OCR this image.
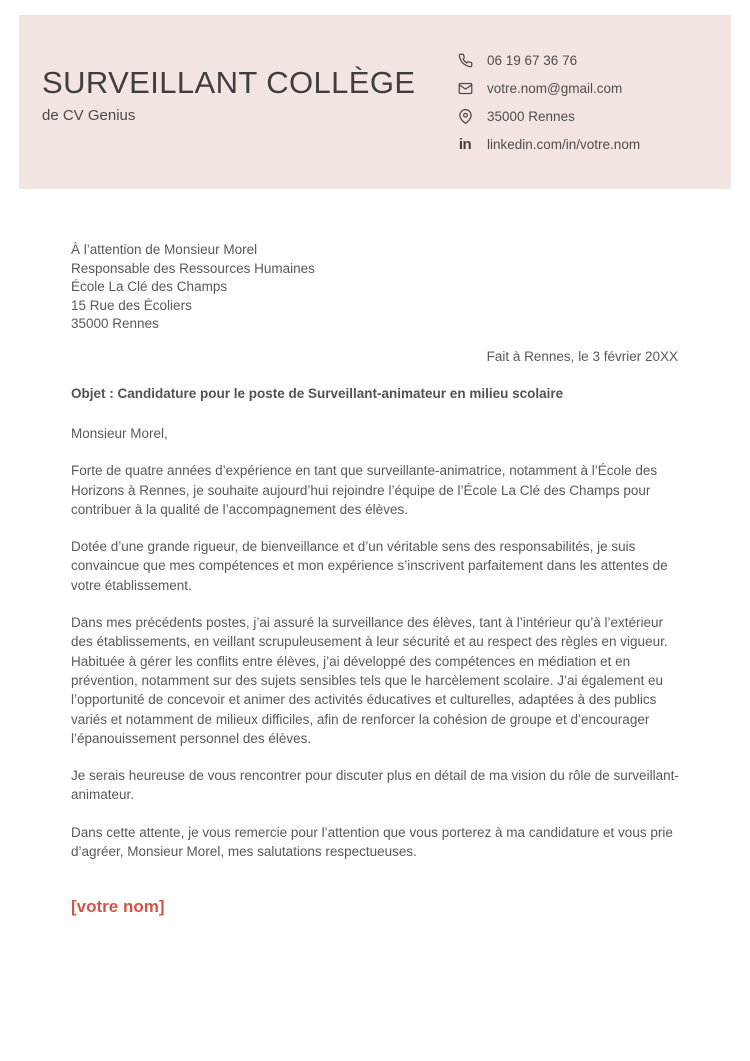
SURVEILLANT COLLÈGE
de CV Genius
06 19 67 36 76
votre.nom@gmail.com
35000 Rennes
in linkedin.com/in/votre.nom
À l’attention de Monsieur Morel
Responsable des Ressources Humaines
École La Clé des Champs
15 Rue des Écoliers
35000 Rennes
Fait à Rennes, le 3 février 20XX

Objet : Candidature pour le poste de Surveillant-animateur en milieu scolaire

Monsieur Morel,

Forte de quatre années d’expérience en tant que surveillante-animatrice, notamment à l’École des Horizons à Rennes, je souhaite aujourd’hui rejoindre l’équipe de l’École La Clé des Champs pour contribuer à la qualité de l’accompagnement des élèves.

Dotée d’une grande rigueur, de bienveillance et d’un véritable sens des responsabilités, je suis convaincue que mes compétences et mon expérience s’inscrivent parfaitement dans les attentes de votre établissement.

Dans mes précédents postes, j’ai assuré la surveillance des élèves, tant à l’intérieur qu’à l’extérieur des établissements, en veillant scrupuleusement à leur sécurité et au respect des règles en vigueur. Habituée à gérer les conflits entre élèves, j’ai développé des compétences en médiation et en prévention, notamment sur des sujets sensibles tels que le harcèlement scolaire. J’ai également eu l’opportunité de concevoir et animer des activités éducatives et culturelles, adaptées à des publics variés et notamment de milieux difficiles, afin de renforcer la cohésion de groupe et d’encourager l’épanouissement personnel des élèves.

Je serais heureuse de vous rencontrer pour discuter plus en détail de ma vision du rôle de surveillant-animateur.

Dans cette attente, je vous remercie pour l’attention que vous porterez à ma candidature et vous prie d’agréer, Monsieur Morel, mes salutations respectueuses.

[votre nom]
